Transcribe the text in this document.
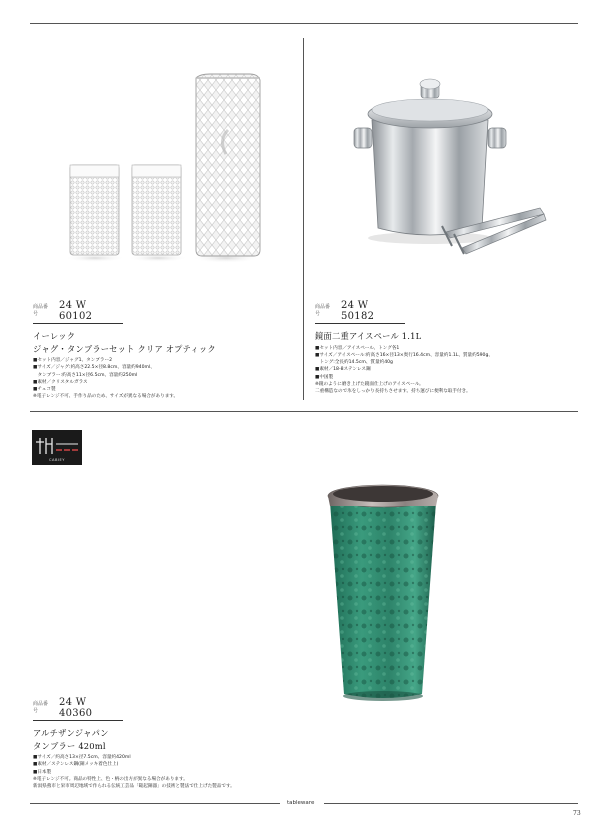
商品番号
24 W 60102
イーレック
ジャグ・タンブラーセット クリア オプティック
■セット内容／ジャグ1、タンブラー2
■サイズ／ジャグ:約高さ22.5×径8.8cm、容量約940ml、
　タンブラー:約高さ11×径6.5cm、容量約250ml
■素材／クリスタルガラス
■チェコ製
※電子レンジ不可、手作り品のため、サイズが異なる場合があります。
商品番号
24 W 50182
鏡面二重アイスペール 1.1L
■セット内容／アイスペール、トング各1
■サイズ／アイスペール:約高さ16×径13×奥行16.4cm、容量約1.1L、質量約590g、
　トング:全長約14.5cm、質量約40g
■素材／18-8ステンレス鋼
■中国製
※鏡のように磨き上げた鏡面仕上げのアイスペール。
二重構造なので氷をしっかり長持ちさせます。持ち運びに便利な取手付き。
CABIEY
商品番号
24 W 40360
アルチザンジャパン
タンブラー 420ml
■サイズ／約高さ13×径7.5cm、容量約420ml
■素材／ステンレス鋼(銅メッキ着色仕上)
■日本製
※電子レンジ不可。商品の特性上、色・柄の出方が異なる場合があります。
新潟県燕市と栄市周辺地域で作られる伝統工芸品「鎚起銅器」の技術と製法で仕上げた製品です。
tableware
73
